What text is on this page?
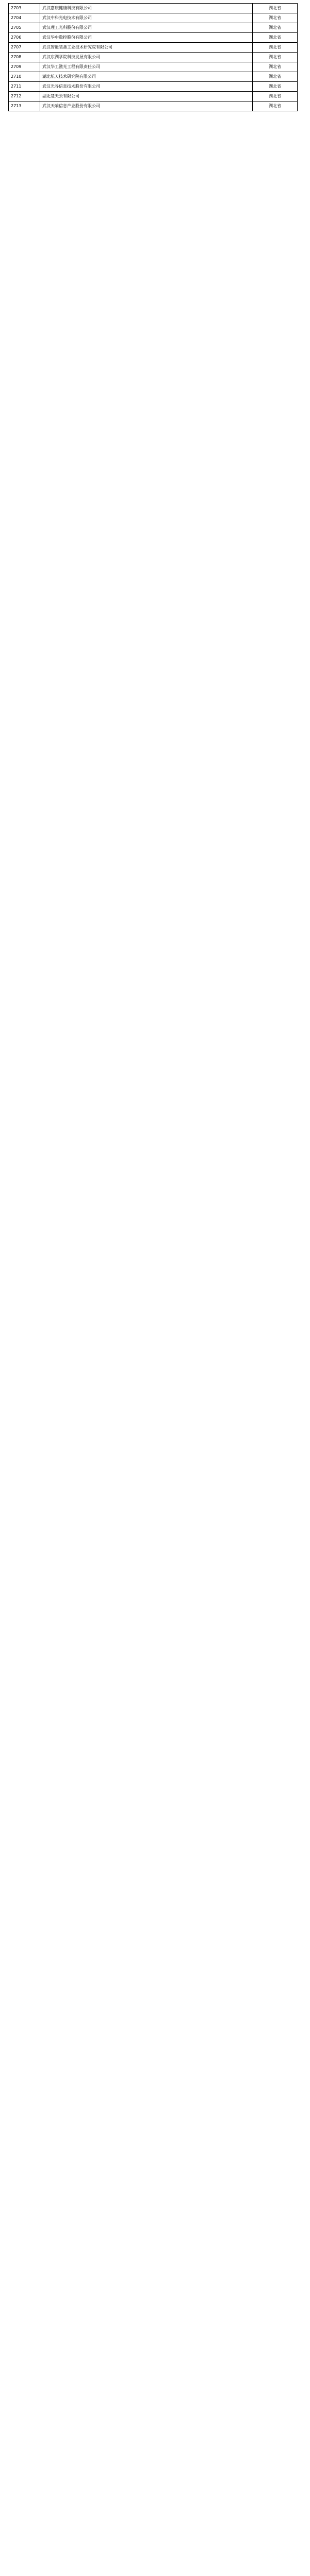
2703	武汉嘉康健康科技有限公司	湖北省
2704	武汉中科光电技术有限公司	湖北省
2705	武汉理工光科股份有限公司	湖北省
2706	武汉华中数控股份有限公司	湖北省
2707	武汉智能装备工业技术研究院有限公司	湖北省
2708	武汉东湖学院科技发展有限公司	湖北省
2709	武汉华工激光工程有限责任公司	湖北省
2710	湖北航天技术研究院有限公司	湖北省
2711	武汉光谷信息技术股份有限公司	湖北省
2712	湖北楚天云有限公司	湖北省
2713	武汉天喻信息产业股份有限公司	湖北省
